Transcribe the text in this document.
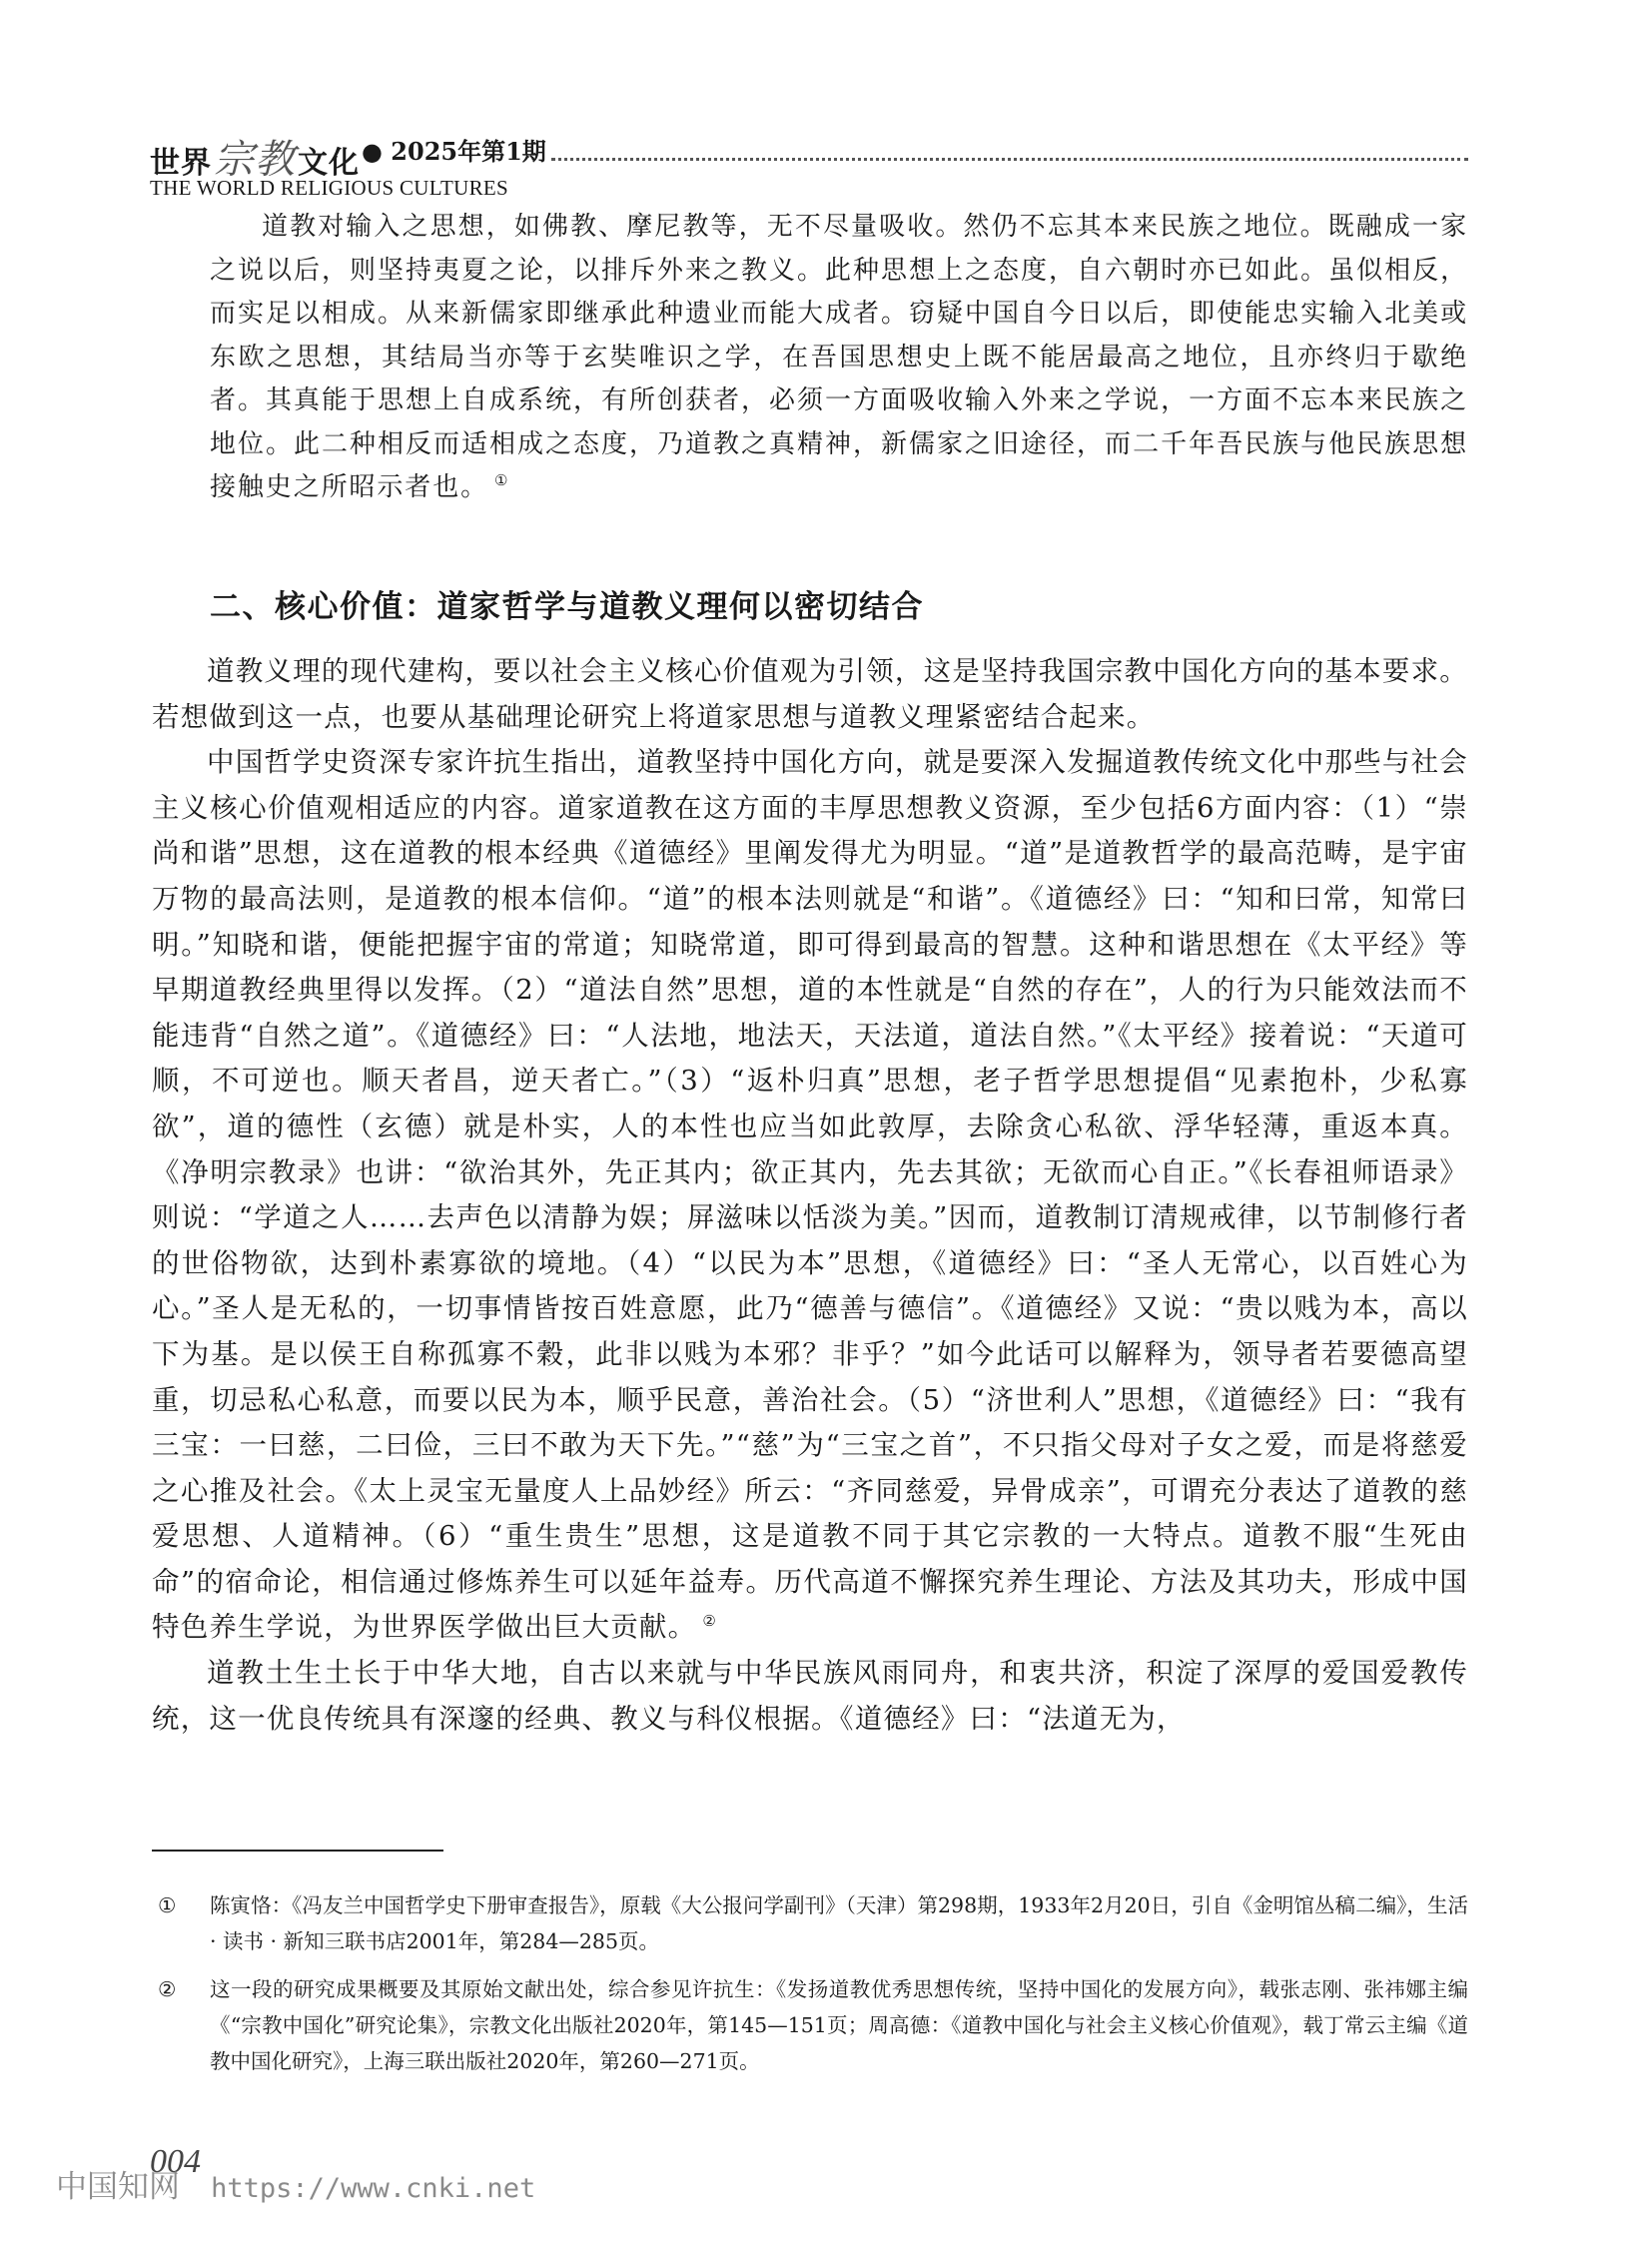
世界宗教文化 ● 2025年第1期
THE WORLD RELIGIOUS CULTURES

道教对输入之思想，如佛教、摩尼教等，无不尽量吸收。然仍不忘其本来民族之地位。既融成一家之说以后，则坚持夷夏之论，以排斥外来之教义。此种思想上之态度，自六朝时亦已如此。虽似相反，而实足以相成。从来新儒家即继承此种遗业而能大成者。窃疑中国自今日以后，即使能忠实输入北美或东欧之思想，其结局当亦等于玄奘唯识之学，在吾国思想史上既不能居最高之地位，且亦终归于歇绝者。其真能于思想上自成系统，有所创获者，必须一方面吸收输入外来之学说，一方面不忘本来民族之地位。此二种相反而适相成之态度，乃道教之真精神，新儒家之旧途径，而二千年吾民族与他民族思想接触史之所昭示者也。 ①

二、核心价值：道家哲学与道教义理何以密切结合

道教义理的现代建构，要以社会主义核心价值观为引领，这是坚持我国宗教中国化方向的基本要求。若想做到这一点，也要从基础理论研究上将道家思想与道教义理紧密结合起来。

中国哲学史资深专家许抗生指出，道教坚持中国化方向，就是要深入发掘道教传统文化中那些与社会主义核心价值观相适应的内容。道家道教在这方面的丰厚思想教义资源，至少包括6方面内容：（1）“崇尚和谐”思想，这在道教的根本经典《道德经》里阐发得尤为明显。“道”是道教哲学的最高范畴，是宇宙万物的最高法则，是道教的根本信仰。“道”的根本法则就是“和谐”。《道德经》曰：“知和曰常，知常曰明。”知晓和谐，便能把握宇宙的常道；知晓常道，即可得到最高的智慧。这种和谐思想在《太平经》等早期道教经典里得以发挥。（2）“道法自然”思想，道的本性就是“自然的存在”，人的行为只能效法而不能违背“自然之道”。《道德经》曰：“人法地，地法天，天法道，道法自然。”《太平经》接着说：“天道可顺，不可逆也。顺天者昌，逆天者亡。”（3）“返朴归真”思想，老子哲学思想提倡“见素抱朴，少私寡欲”，道的德性（玄德）就是朴实，人的本性也应当如此敦厚，去除贪心私欲、浮华轻薄，重返本真。《净明宗教录》也讲：“欲治其外，先正其内；欲正其内，先去其欲；无欲而心自正。”《长春祖师语录》则说：“学道之人……去声色以清静为娱；屏滋味以恬淡为美。”因而，道教制订清规戒律，以节制修行者的世俗物欲，达到朴素寡欲的境地。（4）“以民为本”思想，《道德经》曰：“圣人无常心，以百姓心为心。”圣人是无私的，一切事情皆按百姓意愿，此乃“德善与德信”。《道德经》又说：“贵以贱为本，高以下为基。是以侯王自称孤寡不穀，此非以贱为本邪？非乎？”如今此话可以解释为，领导者若要德高望重，切忌私心私意，而要以民为本，顺乎民意，善治社会。（5）“济世利人”思想，《道德经》曰：“我有三宝：一曰慈，二曰俭，三曰不敢为天下先。”“慈”为“三宝之首”，不只指父母对子女之爱，而是将慈爱之心推及社会。《太上灵宝无量度人上品妙经》所云：“齐同慈爱，异骨成亲”，可谓充分表达了道教的慈爱思想、人道精神。（6）“重生贵生”思想，这是道教不同于其它宗教的一大特点。道教不服“生死由命”的宿命论，相信通过修炼养生可以延年益寿。历代高道不懈探究养生理论、方法及其功夫，形成中国特色养生学说，为世界医学做出巨大贡献。 ②

道教土生土长于中华大地，自古以来就与中华民族风雨同舟，和衷共济，积淀了深厚的爱国爱教传统，这一优良传统具有深邃的经典、教义与科仪根据。《道德经》曰：“法道无为，

① 陈寅恪：《冯友兰中国哲学史下册审查报告》，原载《大公报问学副刊》（天津）第298期，1933年2月20日，引自《金明馆丛稿二编》，生活 · 读书 · 新知三联书店2001年，第284—285页。
② 这一段的研究成果概要及其原始文献出处，综合参见许抗生：《发扬道教优秀思想传统，坚持中国化的发展方向》，载张志刚、张祎娜主编《“宗教中国化”研究论集》，宗教文化出版社2020年，第145—151页；周高德：《道教中国化与社会主义核心价值观》，载丁常云主编《道教中国化研究》，上海三联出版社2020年，第260—271页。
004
中国知网 https://www.cnki.net
